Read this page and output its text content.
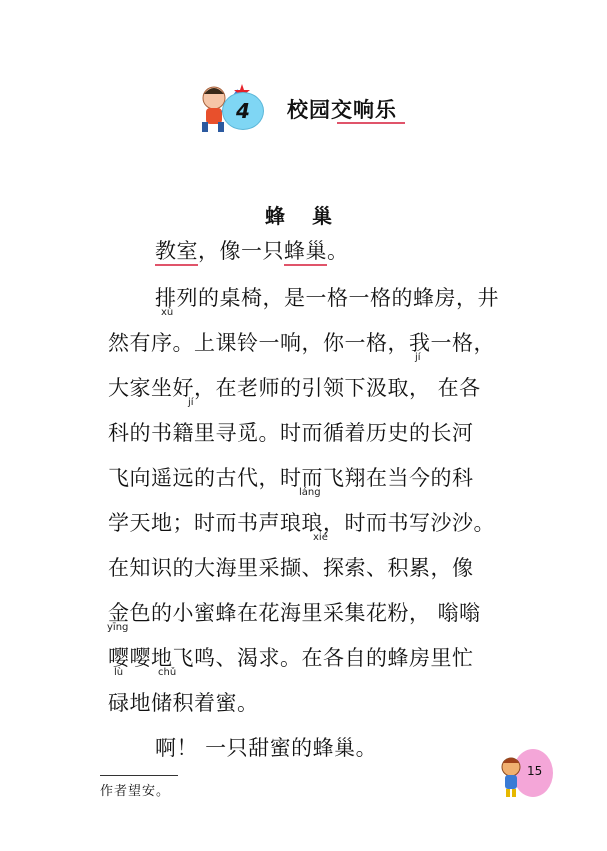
4 校园交响乐
蜂 巢
教室，像一只蜂巢。
排列的桌椅，是一格一格的蜂房，井
然有序。上课铃一响，你一格，我一格，
大家坐好，在老师的引领下汲取， 在各
科的书籍里寻觅。时而循着历史的长河
飞向遥远的古代，时而飞翔在当今的科
学天地；时而书声琅琅，时而书写沙沙。
在知识的大海里采撷、探索、积累，像
金色的小蜜蜂在花海里采集花粉， 嗡嗡
嘤嘤地飞鸣、渴求。在各自的蜂房里忙
碌地储积着蜜。
啊！ 一只甜蜜的蜂巢。
xù
jí
jí
láng
xié
yīng
lù	chǔ
作者望安。
15
